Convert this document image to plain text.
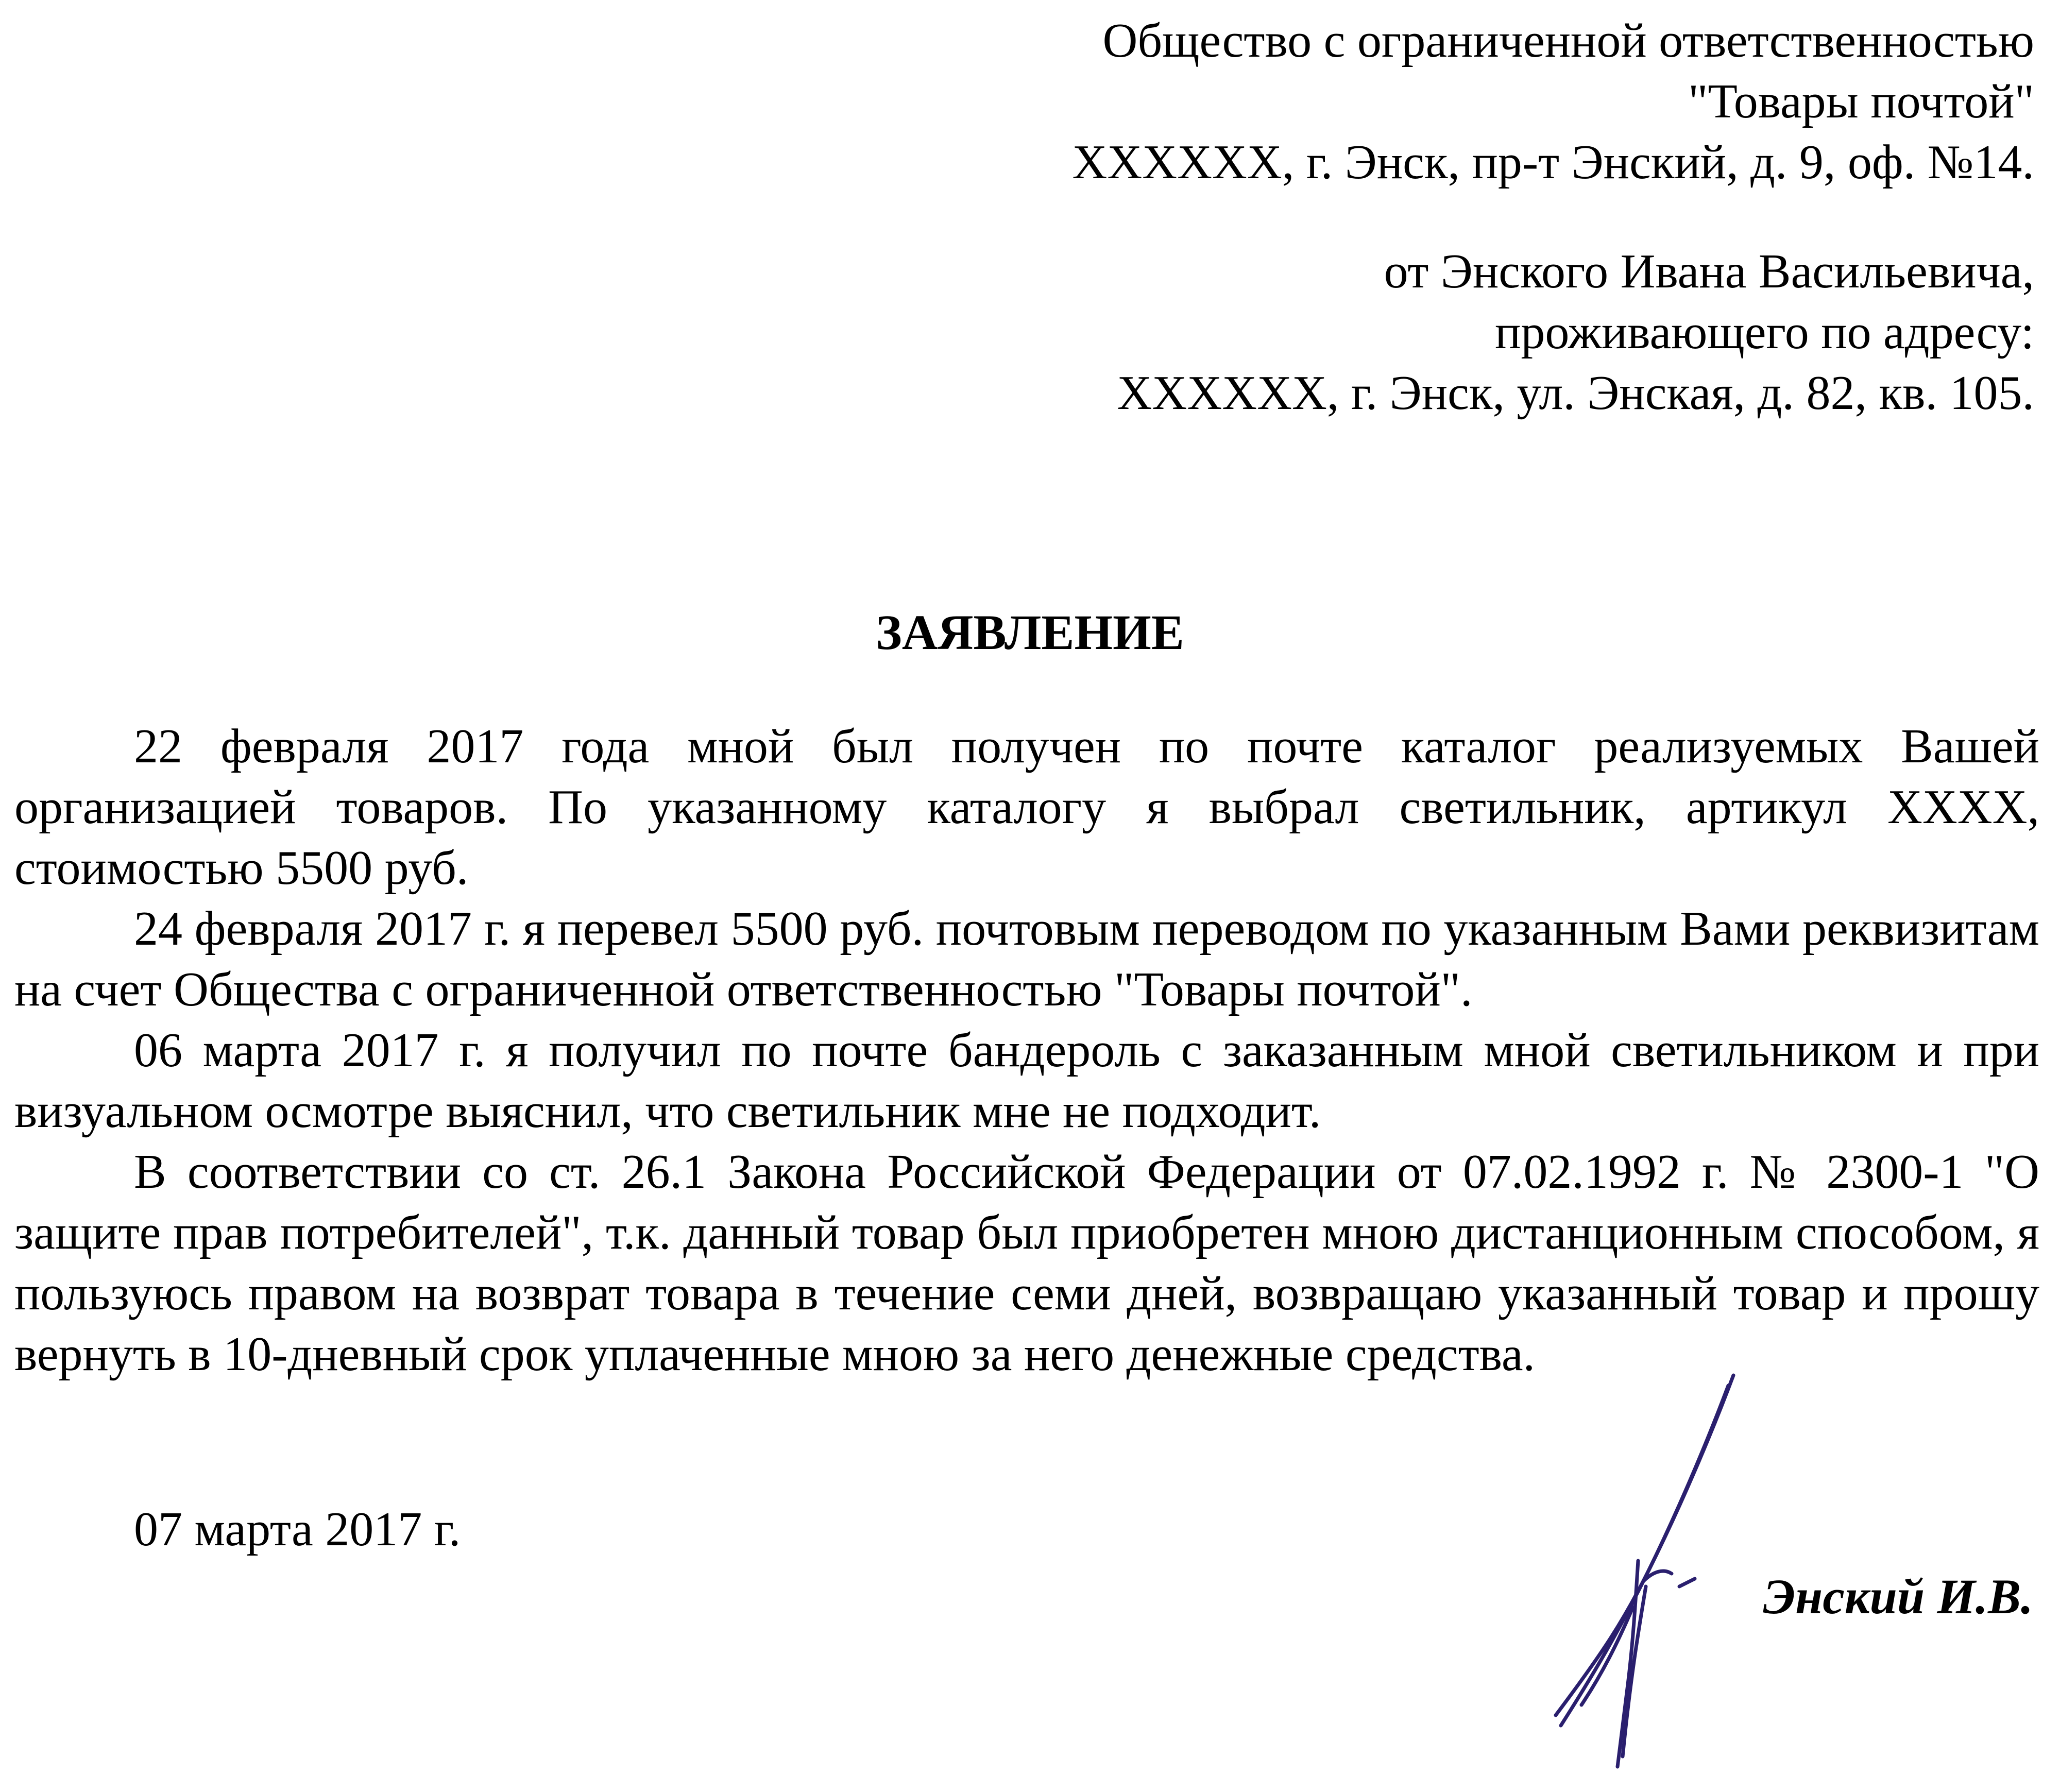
Общество с ограниченной ответственностью
"Товары почтой"
XXXXXX, г. Энск, пр-т Энский, д. 9, оф. №14.
от Энского Ивана Васильевича,
проживающего по адресу:
XXXXXX, г. Энск, ул. Энская, д. 82, кв. 105.
ЗАЯВЛЕНИЕ

22 февраля 2017 года мной был получен по почте каталог реализуемых Вашей организацией товаров. По указанному каталогу я выбрал светильник, артикул XXXX, стоимостью 5500 руб.

24 февраля 2017 г. я перевел 5500 руб. почтовым переводом по указанным Вами реквизитам на счет Общества с ограниченной ответственностью "Товары почтой".

06 марта 2017 г. я получил по почте бандероль с заказанным мной светильником и при визуальном осмотре выяснил, что светильник мне не подходит.

В соответствии со ст. 26.1 Закона Российской Федерации от 07.02.1992 г. № 2300-1 "О защите прав потребителей", т.к. данный товар был приобретен мною дистанционным способом, я пользуюсь правом на возврат товара в течение семи дней, возвращаю указанный товар и прошу вернуть в 10-дневный срок уплаченные мною за него денежные средства.

07 марта 2017 г.
Энский И.В.
